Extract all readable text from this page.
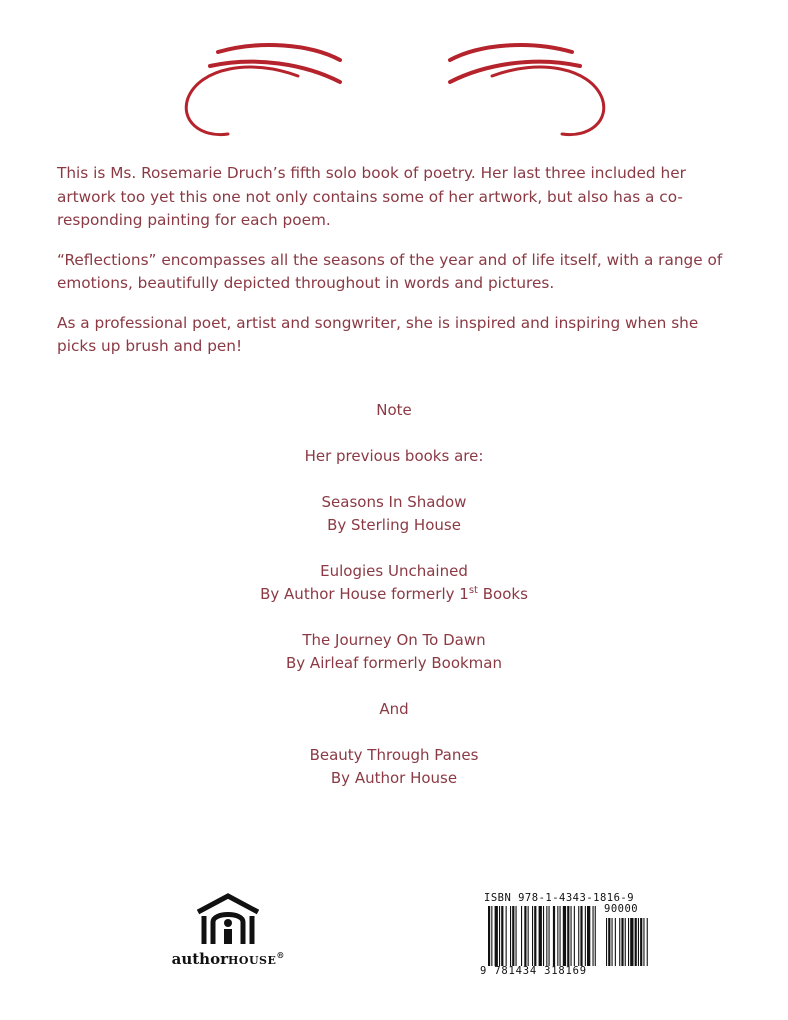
This is Ms. Rosemarie Druch’s fifth solo book of poetry. Her last three included her artwork too yet this one not only contains some of her artwork, but also has a co-responding painting for each poem.

“Reflections” encompasses all the seasons of the year and of life itself, with a range of emotions, beautifully depicted throughout in words and pictures.

As a professional poet, artist and songwriter, she is inspired and inspiring when she picks up brush and pen!

Note
Her previous books are:
Seasons In Shadow
By Sterling House
Eulogies Unchained
By Author House formerly 1st Books
The Journey On To Dawn
By Airleaf formerly Bookman
And
Beauty Through Panes
By Author House
authorHOUSE®
ISBN 978-1-4343-1816-9
90000
9 781434 318169
